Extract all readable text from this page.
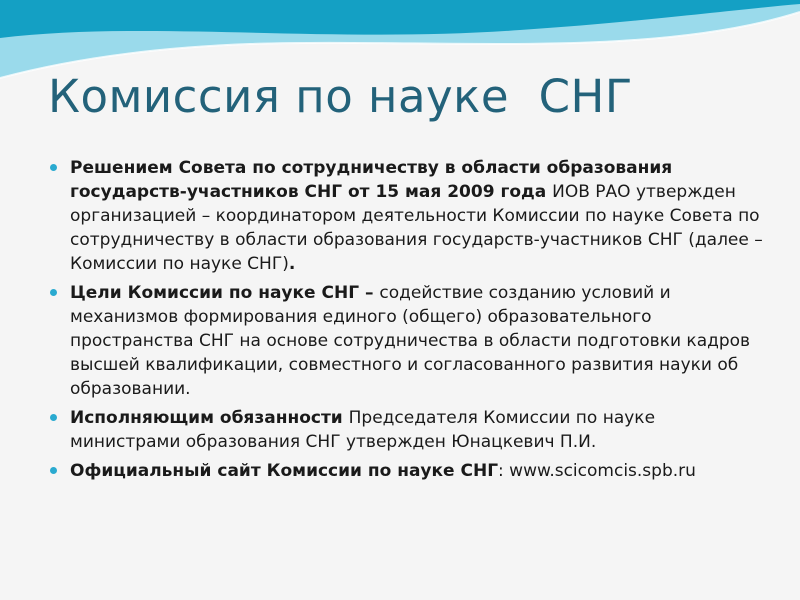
Комиссия по науке  СНГ
Решением Совета по сотрудничеству в области образования государств-участников СНГ от 15 мая 2009 года ИОВ РАО утвержден организацией – координатором деятельности Комиссии по науке Совета по сотрудничеству в области образования государств-участников СНГ (далее – Комиссии по науке СНГ).
Цели Комиссии по науке СНГ – содействие созданию условий и механизмов формирования единого (общего) образовательного пространства СНГ на основе сотрудничества в области подготовки кадров высшей квалификации, совместного и согласованного развития науки об образовании.
Исполняющим обязанности Председателя Комиссии по науке министрами образования СНГ утвержден Юнацкевич П.И.
Официальный сайт Комиссии по науке СНГ: www.scicomcis.spb.ru
